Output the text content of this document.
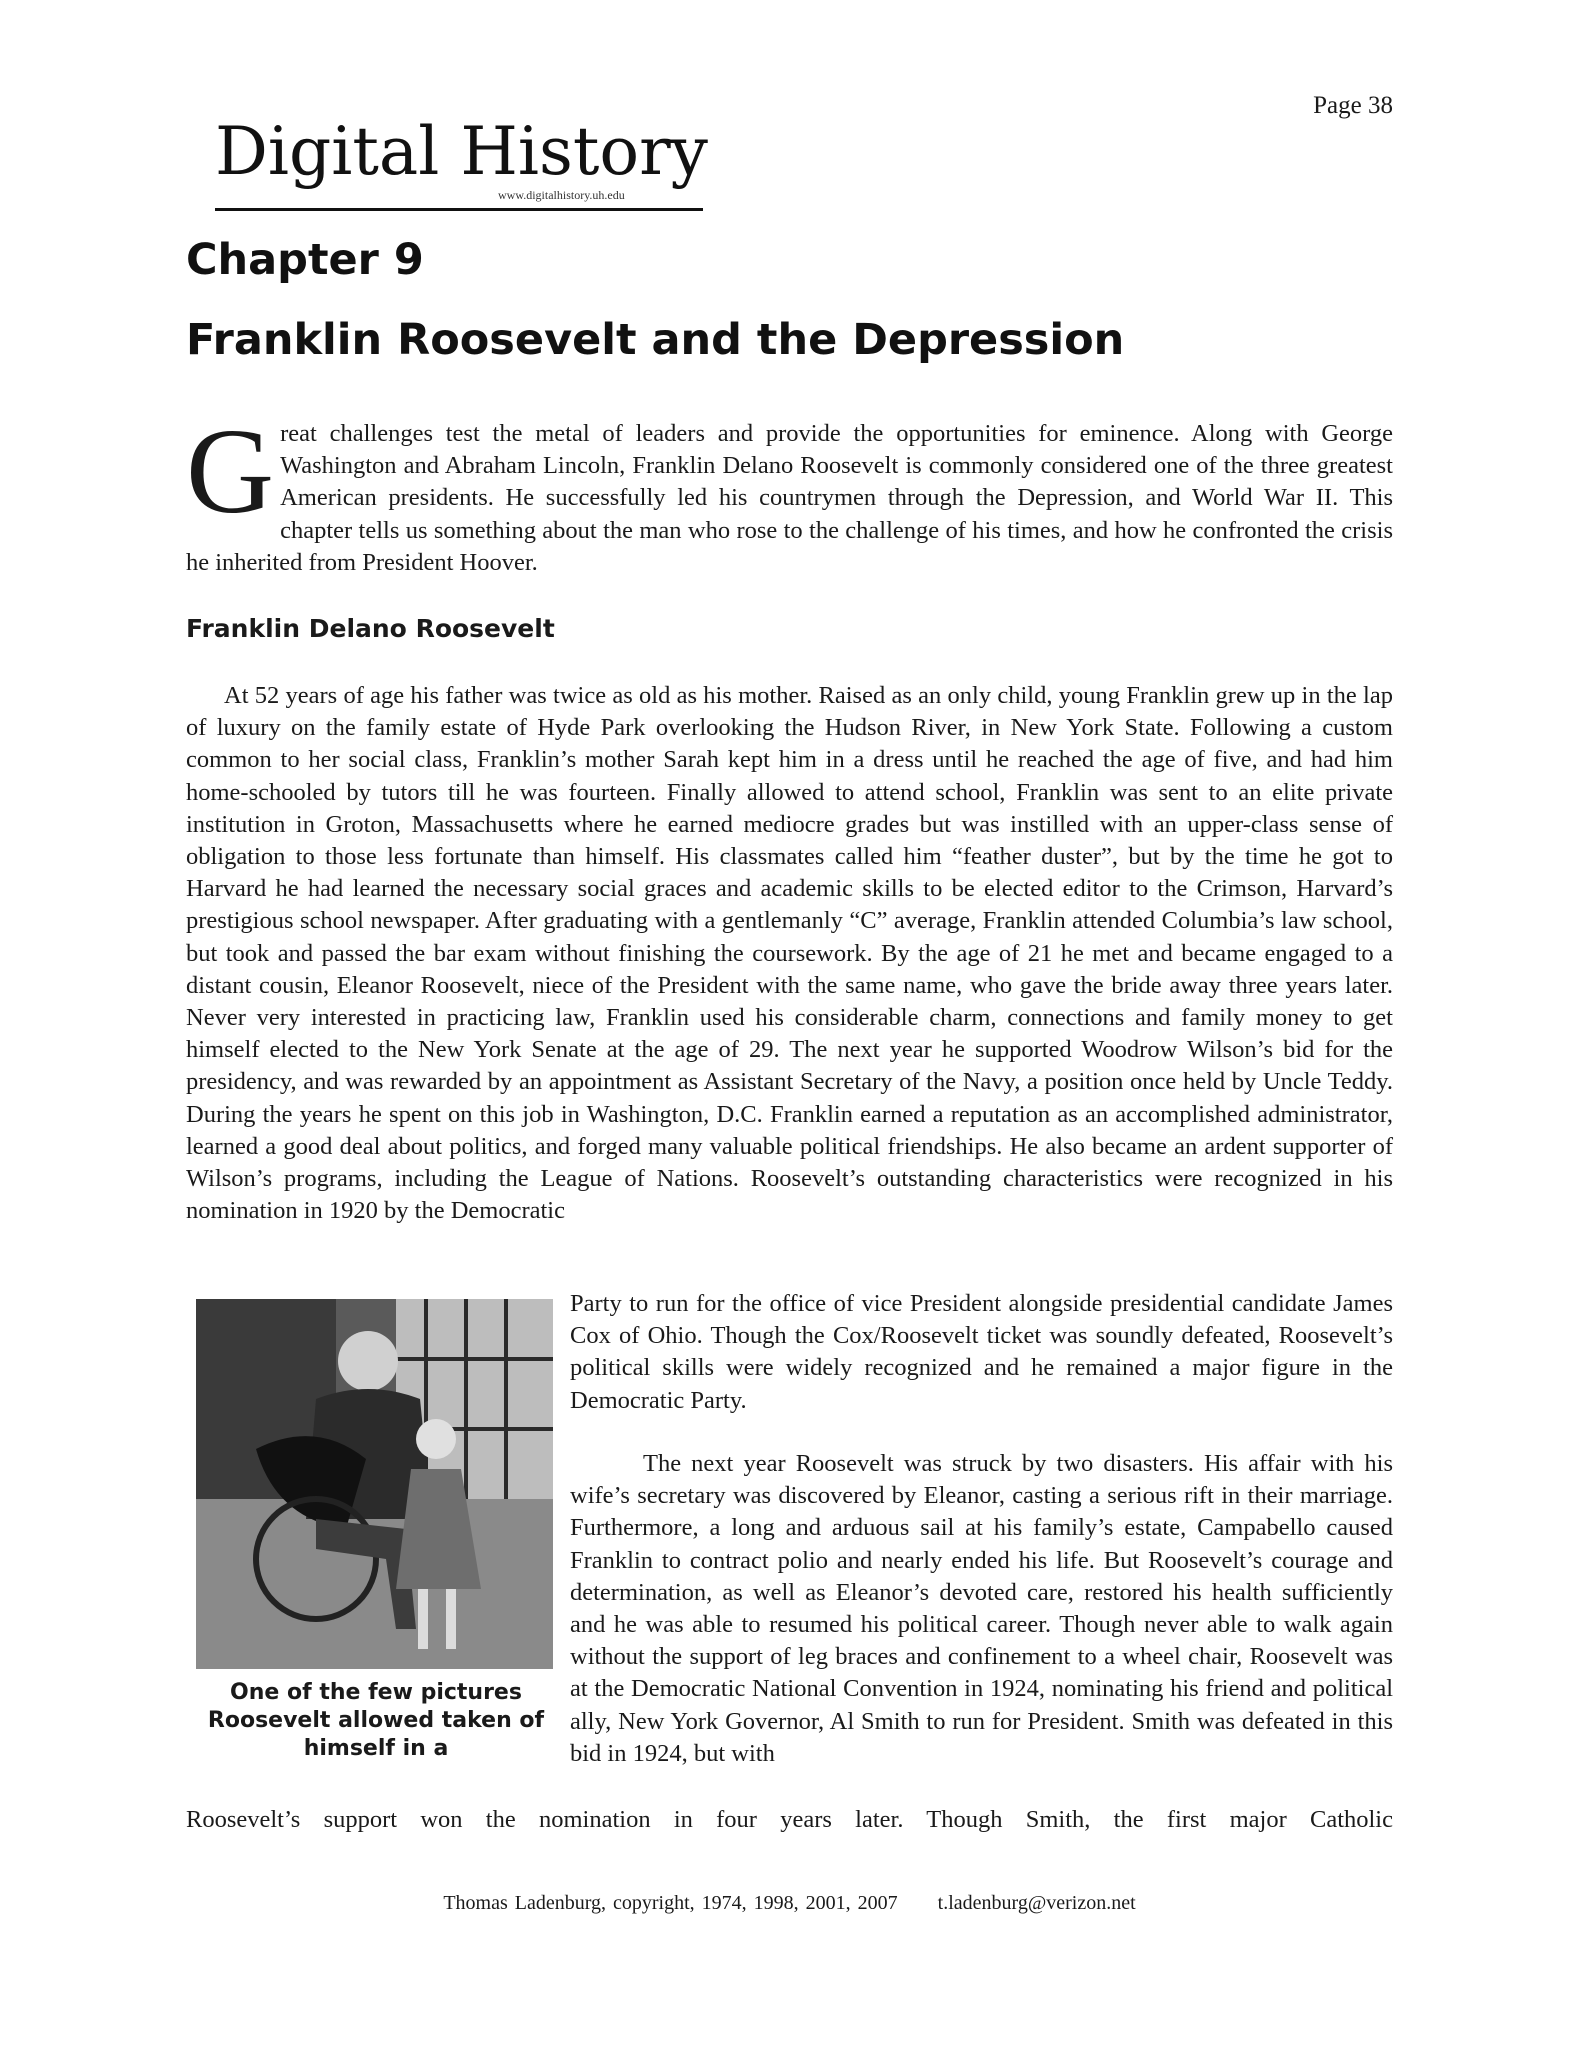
Page 38
Digital History
www.digitalhistory.uh.edu
Chapter 9
Franklin Roosevelt and the Depression
Great challenges test the metal of leaders and provide the opportunities for eminence. Along with George Washington and Abraham Lincoln, Franklin Delano Roosevelt is commonly considered one of the three greatest American presidents. He successfully led his countrymen through the Depression, and World War II. This chapter tells us something about the man who rose to the challenge of his times, and how he confronted the crisis he inherited from President Hoover.
Franklin Delano Roosevelt

At 52 years of age his father was twice as old as his mother. Raised as an only child, young Franklin grew up in the lap of luxury on the family estate of Hyde Park overlooking the Hudson River, in New York State. Following a custom common to her social class, Franklin’s mother Sarah kept him in a dress until he reached the age of five, and had him home-schooled by tutors till he was fourteen. Finally allowed to attend school, Franklin was sent to an elite private institution in Groton, Massachusetts where he earned mediocre grades but was instilled with an upper-class sense of obligation to those less fortunate than himself. His classmates called him “feather duster”, but by the time he got to Harvard he had learned the necessary social graces and academic skills to be elected editor to the Crimson, Harvard’s prestigious school newspaper. After graduating with a gentlemanly “C” average, Franklin attended Columbia’s law school, but took and passed the bar exam without finishing the coursework. By the age of 21 he met and became engaged to a distant cousin, Eleanor Roosevelt, niece of the President with the same name, who gave the bride away three years later. Never very interested in practicing law, Franklin used his considerable charm, connections and family money to get himself elected to the New York Senate at the age of 29. The next year he supported Woodrow Wilson’s bid for the presidency, and was rewarded by an appointment as Assistant Secretary of the Navy, a position once held by Uncle Teddy. During the years he spent on this job in Washington, D.C. Franklin earned a reputation as an accomplished administrator, learned a good deal about politics, and forged many valuable political friendships. He also became an ardent supporter of Wilson’s programs, including the League of Nations. Roosevelt’s outstanding characteristics were recognized in his nomination in 1920 by the Democratic

One of the few pictures Roosevelt allowed taken of himself in a

Party to run for the office of vice President alongside presidential candidate James Cox of Ohio. Though the Cox/Roosevelt ticket was soundly defeated, Roosevelt’s political skills were widely recognized and he remained a major figure in the Democratic Party.

The next year Roosevelt was struck by two disasters. His affair with his wife’s secretary was discovered by Eleanor, casting a serious rift in their marriage. Furthermore, a long and arduous sail at his family’s estate, Campabello caused Franklin to contract polio and nearly ended his life. But Roosevelt’s courage and determination, as well as Eleanor’s devoted care, restored his health sufficiently and he was able to resumed his political career. Though never able to walk again without the support of leg braces and confinement to a wheel chair, Roosevelt was at the Democratic National Convention in 1924, nominating his friend and political ally, New York Governor, Al Smith to run for President. Smith was defeated in this bid in 1924, but with

Roosevelt’s support won the nomination in four years later. Though Smith, the first major Catholic

Thomas Ladenburg, copyright, 1974, 1998, 2001, 2007 t.ladenburg@verizon.net
